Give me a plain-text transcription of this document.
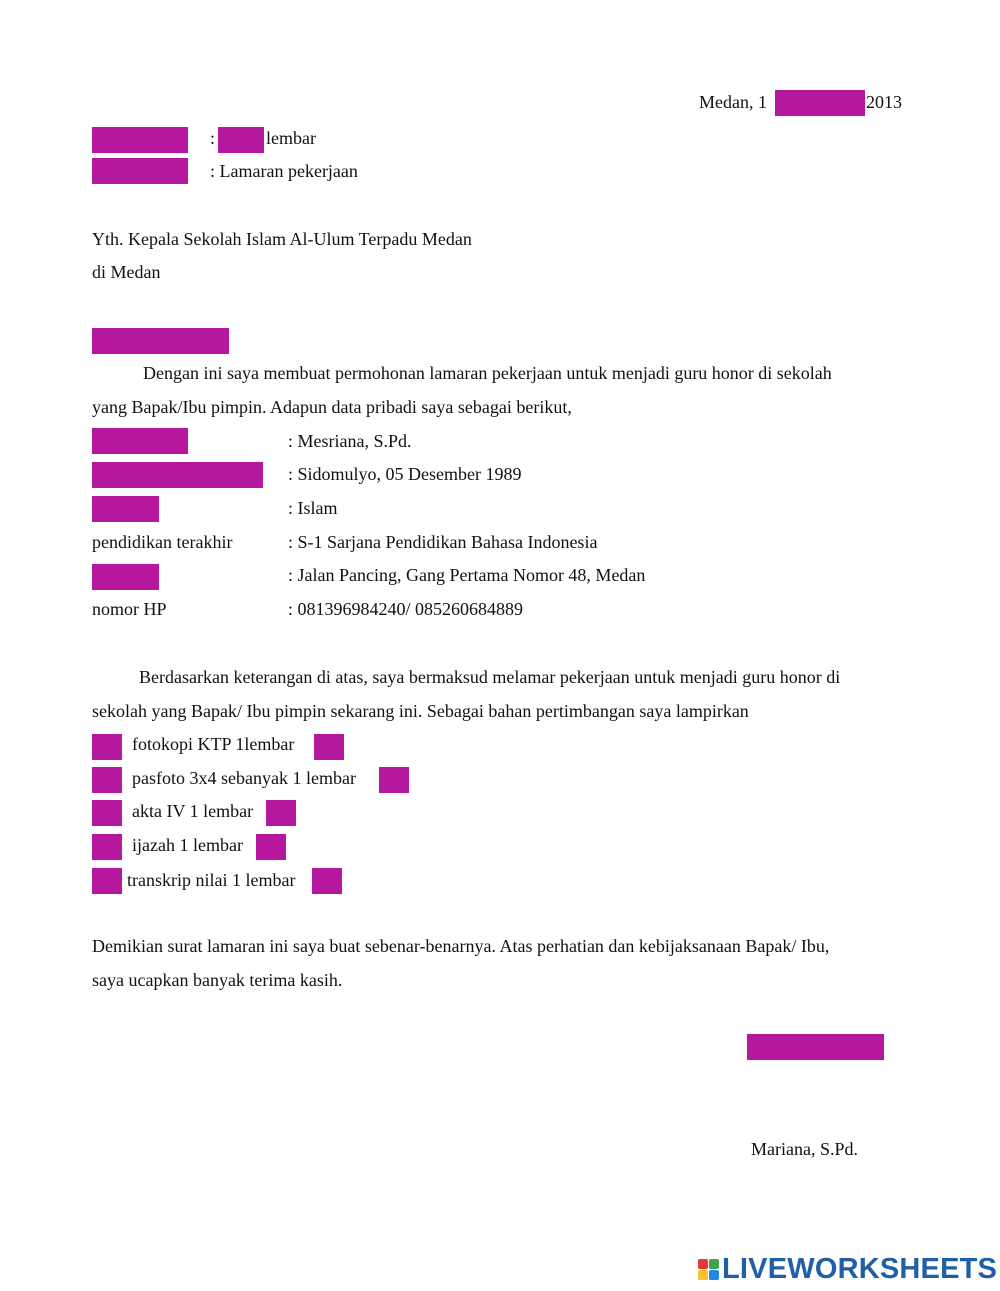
Medan, 1	2013
:	lembar
: Lamaran pekerjaan
Yth. Kepala Sekolah Islam Al-Ulum Terpadu Medan
di Medan
Dengan ini saya membuat permohonan lamaran pekerjaan untuk menjadi guru honor di sekolah
yang Bapak/Ibu pimpin. Adapun data pribadi saya sebagai berikut,
: Mesriana, S.Pd.
: Sidomulyo, 05 Desember 1989
: Islam
pendidikan terakhir	: S-1 Sarjana Pendidikan Bahasa Indonesia
: Jalan Pancing, Gang Pertama Nomor 48, Medan
nomor HP	: 081396984240/ 085260684889
Berdasarkan keterangan di atas, saya bermaksud melamar pekerjaan untuk menjadi guru honor di
sekolah yang Bapak/ Ibu pimpin sekarang ini. Sebagai bahan pertimbangan saya lampirkan
fotokopi KTP 1lembar
pasfoto 3x4 sebanyak 1 lembar
akta IV 1 lembar
ijazah 1 lembar
transkrip nilai 1 lembar
Demikian surat lamaran ini saya buat sebenar-benarnya. Atas perhatian dan kebijaksanaan Bapak/ Ibu,
saya ucapkan banyak terima kasih.
Mariana, S.Pd.
LIVEWORKSHEETS
